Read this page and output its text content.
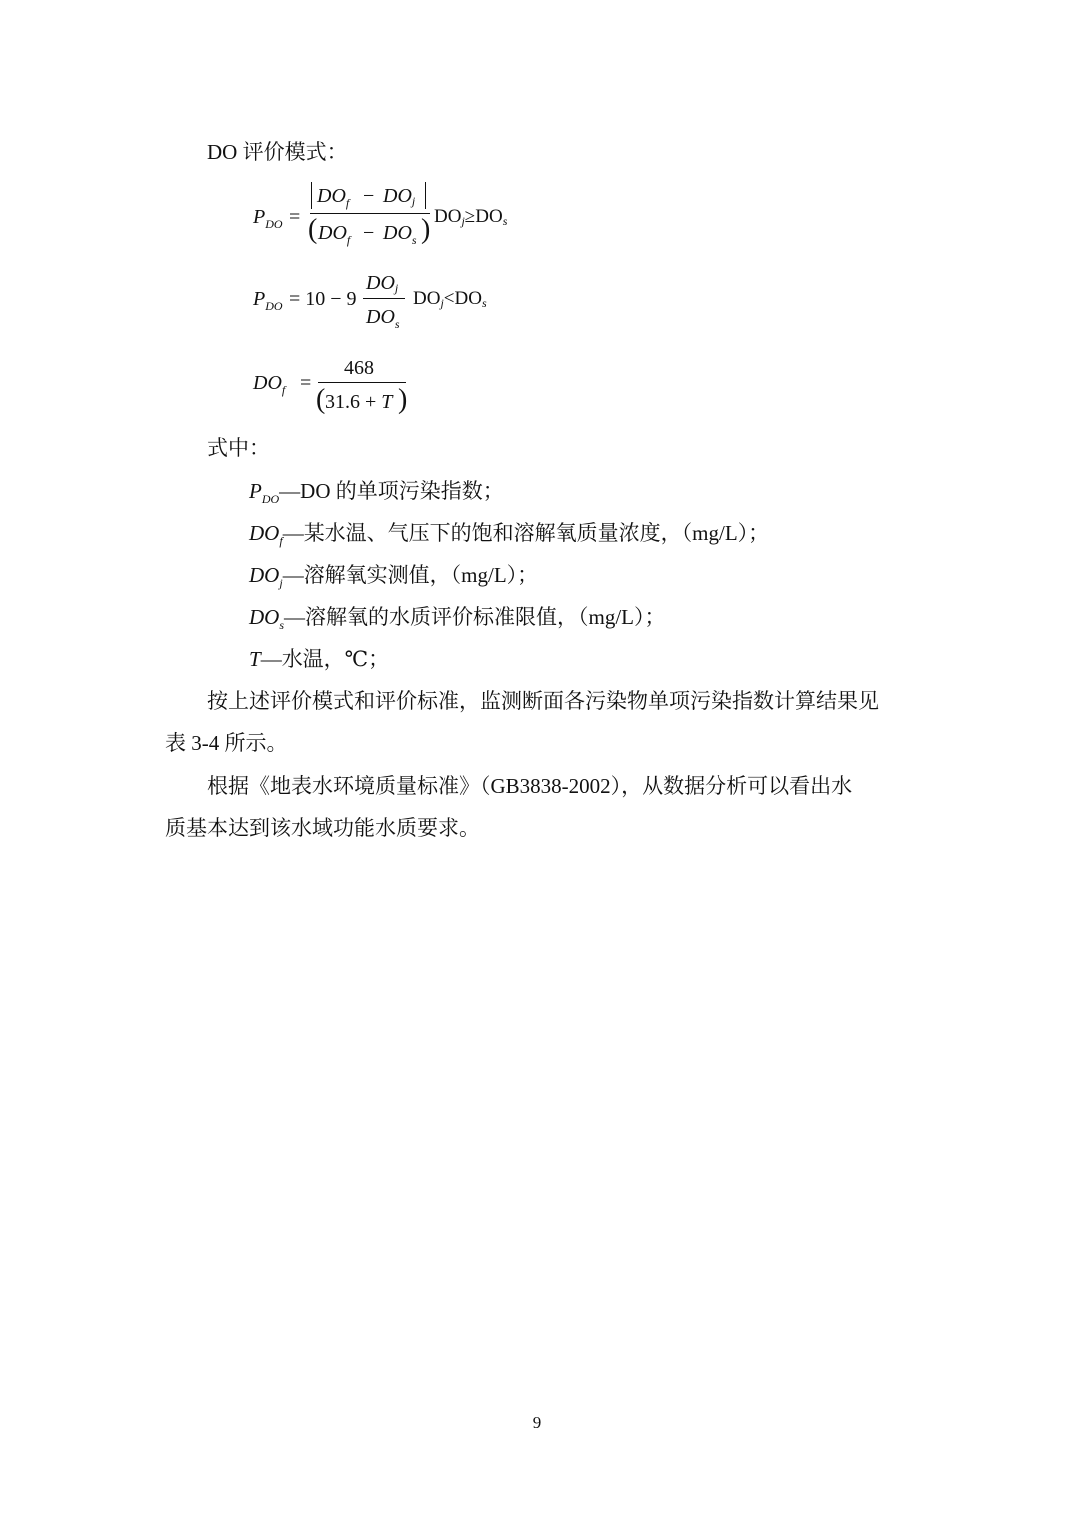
DO 评价模式：
$P_{DO}$ =
$DO_f$ − DOj
( $DO_f - DO_s$ ) DOj≥DOs
$P_{DO} = 10 - 9$
DOj
$DO_s$
DOj<DOs
$DO_f$ =
468
( 31.6 + T )
式中：
$P_{DO}—DO$ 的单项污染指数；
$DO_f—$某水温、气压下的饱和溶解氧质量浓度，（mg/L）；
$DO_j—$溶解氧实测值，（mg/L）；
$DO_s—$溶解氧的水质评价标准限值，（mg/L）；
T—水温，℃；
按上述评价模式和评价标准，监测断面各污染物单项污染指数计算结果见
表 3-4 所示。
根据《地表水环境质量标准》（GB3838-2002），从数据分析可以看出水
质基本达到该水域功能水质要求。
9
